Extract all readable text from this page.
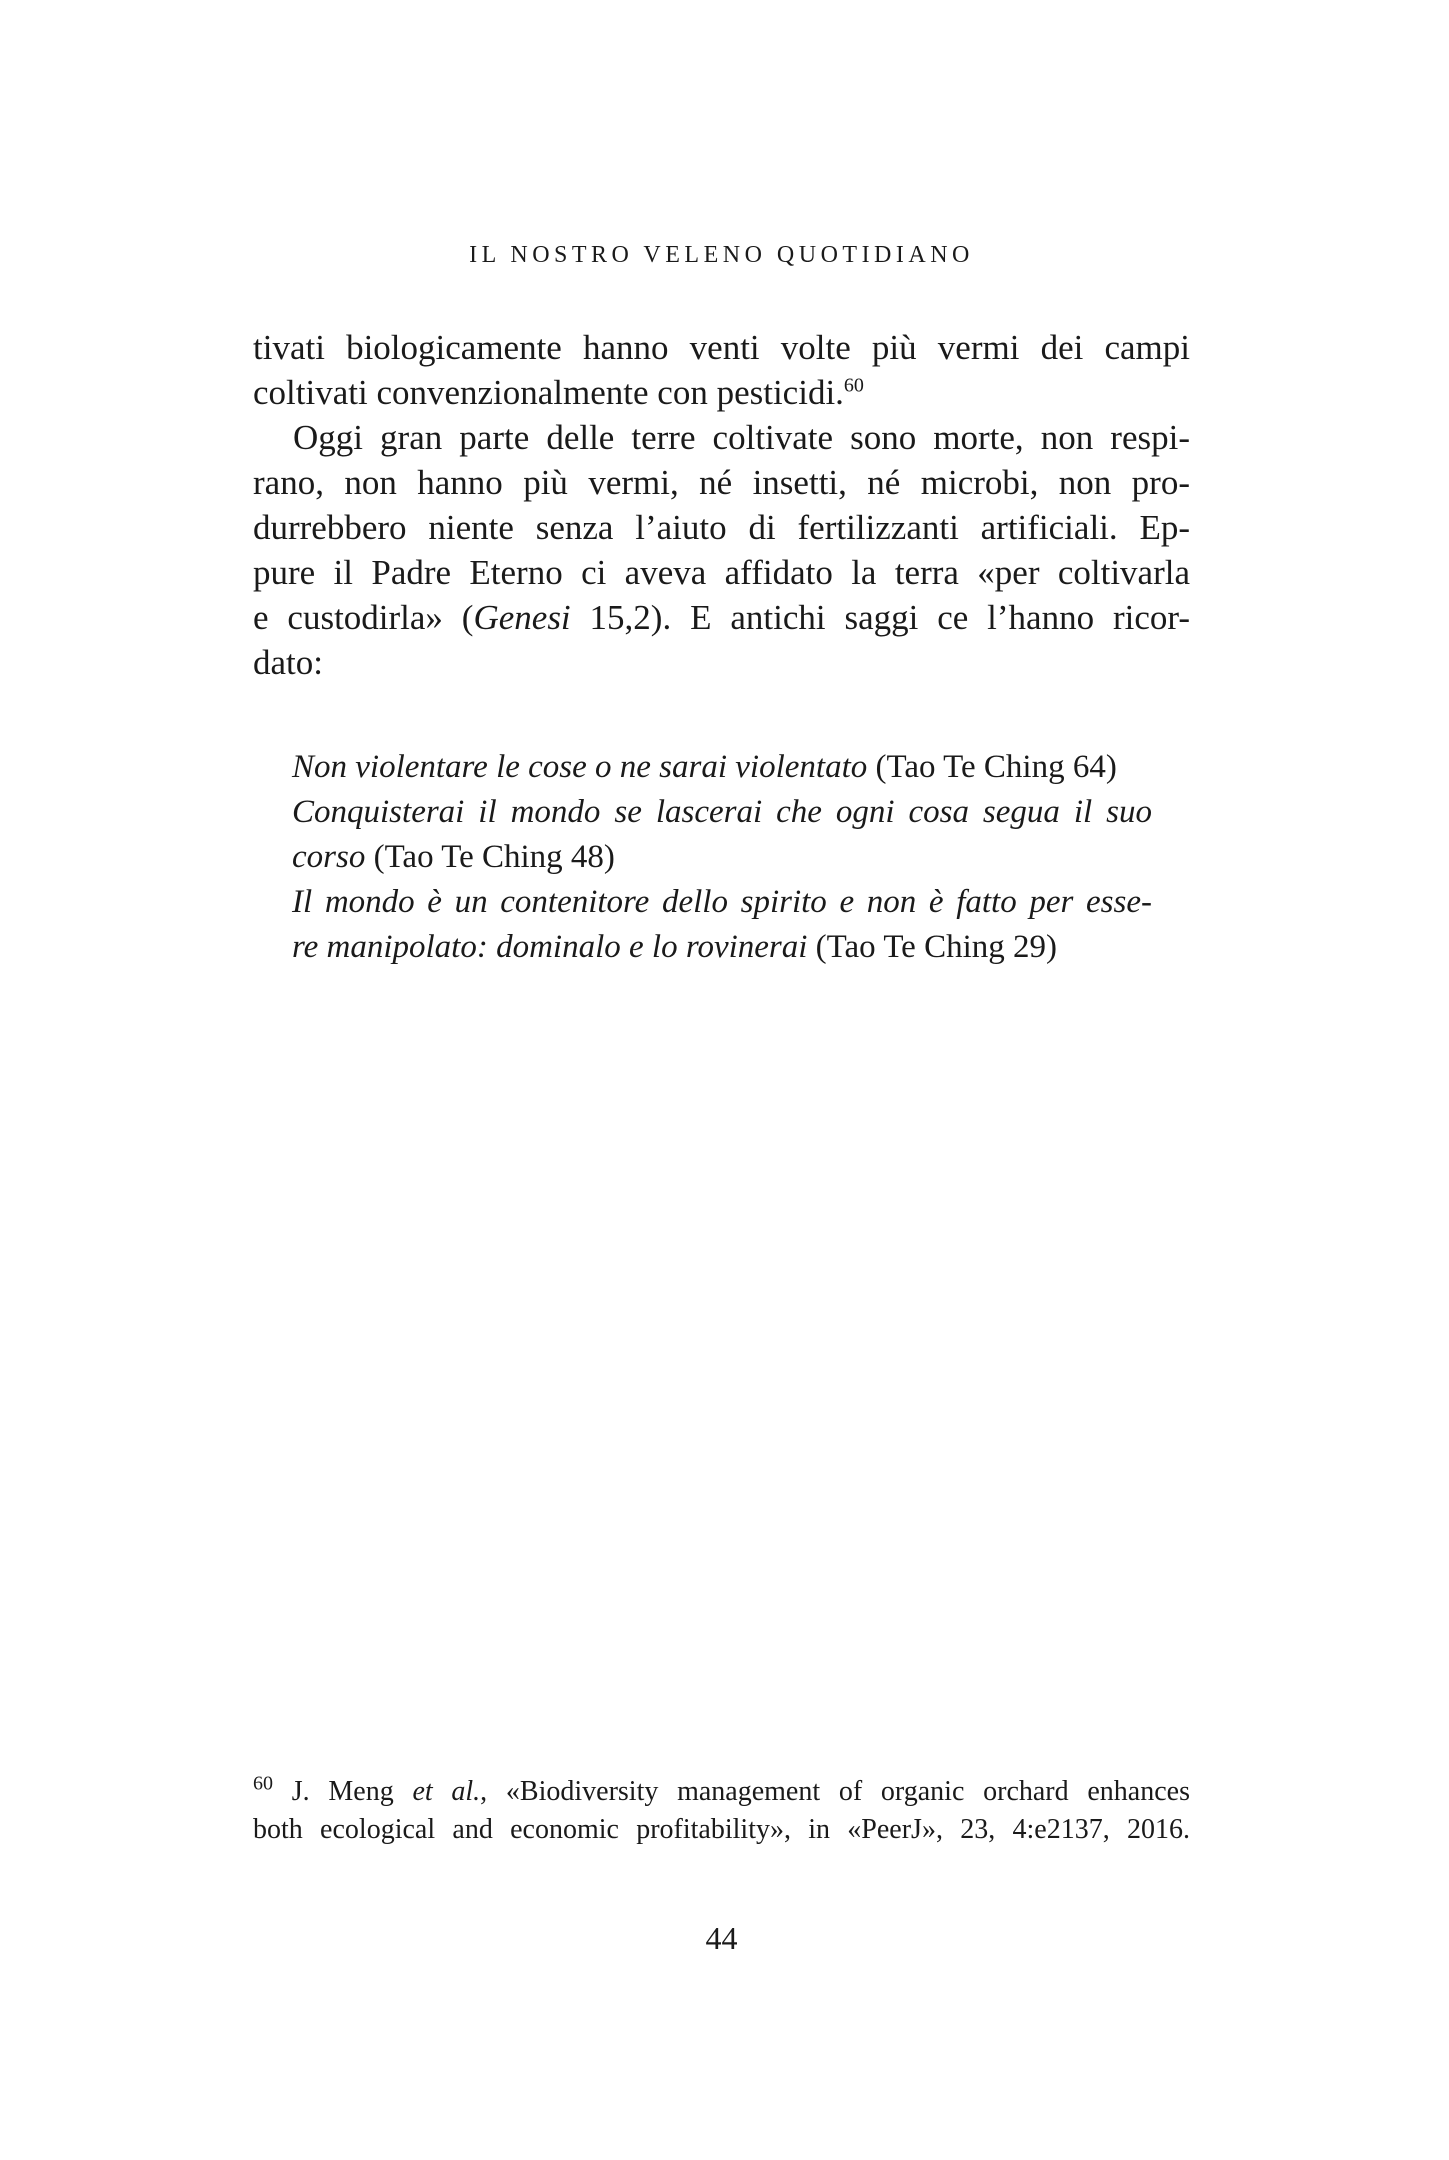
IL NOSTRO VELENO QUOTIDIANO
tivati biologicamente hanno venti volte più vermi dei campi
coltivati convenzionalmente con pesticidi.$^{60}$
Oggi gran parte delle terre coltivate sono morte, non respi-
rano, non hanno più vermi, né insetti, né microbi, non pro-
durrebbero niente senza l’aiuto di fertilizzanti artificiali. Ep-
pure il Padre Eterno ci aveva affidato la terra «per coltivarla
e custodirla» (Genesi 15,2). E antichi saggi ce l’hanno ricor-
dato:
Non violentare le cose o ne sarai violentato (Tao Te Ching 64)
Conquisterai il mondo se lascerai che ogni cosa segua il suo
corso (Tao Te Ching 48)
Il mondo è un contenitore dello spirito e non è fatto per esse-
re manipolato: dominalo e lo rovinerai (Tao Te Ching 29)
$^{60}$ J. Meng et al., «Biodiversity management of organic orchard enhances
both ecological and economic profitability», in «PeerJ», 23, 4:e2137, 2016.
44
